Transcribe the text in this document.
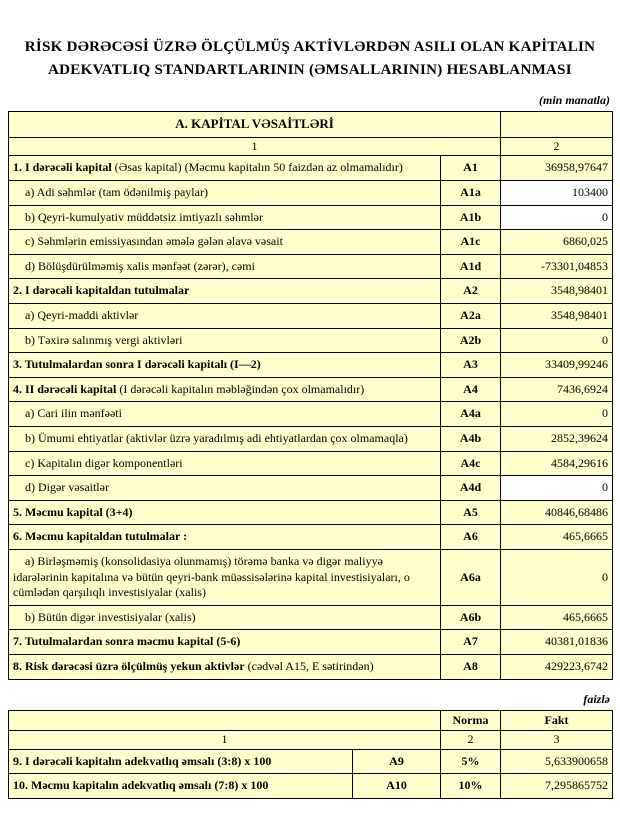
RİSK DƏRƏCƏSİ ÜZRƏ ÖLÇÜLMÜŞ AKTİVLƏRDƏN ASILI OLAN KAPİTALIN
ADEKVATLIQ STANDARTLARININ (ƏMSALLARININ) HESABLANMASI
(min manatla)
A. KAPİTAL VƏSAİTLƏRİ		
1		2
1. I dərəcəli kapital (Əsas kapital) (Məcmu kapitalın 50 faizdən az olmamalıdır)	A1	36958,97647
a) Adi səhmlər (tam ödənilmiş paylar)	A1a	103400
b) Qeyri-kumulyativ müddətsiz imtiyazlı səhmlər	A1b	0
c) Səhmlərin emissiyasından əmələ gələn əlavə vəsait	A1c	6860,025
d) Bölüşdürülməmiş xalis mənfəət (zərər), cəmi	A1d	-73301,04853
2. I dərəcəli kapitaldan tutulmalar	A2	3548,98401
a) Qeyri-maddi aktivlər	A2a	3548,98401
b) Təxirə salınmış vergi aktivləri	A2b	0
3. Tutulmalardan sonra I dərəcəli kapitalı (I—2)	A3	33409,99246
4. II dərəcəli kapital (I dərəcəli kapitalın məbləğindən çox olmamalıdır)	A4	7436,6924
a) Cari ilin mənfəəti	A4a	0
b) Ümumi ehtiyatlar (aktivlər üzrə yaradılmış adi ehtiyatlardan çox olmamaqla)	A4b	2852,39624
c) Kapitalın digər komponentləri	A4c	4584,29616
d) Digər vəsaitlər	A4d	0
5. Məcmu kapital (3+4)	A5	40846,68486
6. Məcmu kapitaldan tutulmalar :	A6	465,6665
a) Birləşməmiş (konsolidasiya olunmamış) törəmə banka və digər maliyyə idarələrinin kapitalına və bütün qeyri-bank müəssisələrinə kapital investisiyaları, o cümlədən qarşılıqlı investisiyalar (xalis)	A6a	0
b) Bütün digər investisiyalar (xalis)	A6b	465,6665
7. Tutulmalardan sonra məcmu kapital (5-6)	A7	40381,01836
8. Risk dərəcəsi üzrə ölçülmüş yekun aktivlər (cədvəl A15, E sətirindən)	A8	429223,6742
faizlə
		Norma	Fakt
1		2	3
9. I dərəcəli kapitalın adekvatlıq əmsalı (3:8) x 100	A9	5%	5,633900658
10. Məcmu kapitalın adekvatlıq əmsalı (7:8) x 100	A10	10%	7,295865752
